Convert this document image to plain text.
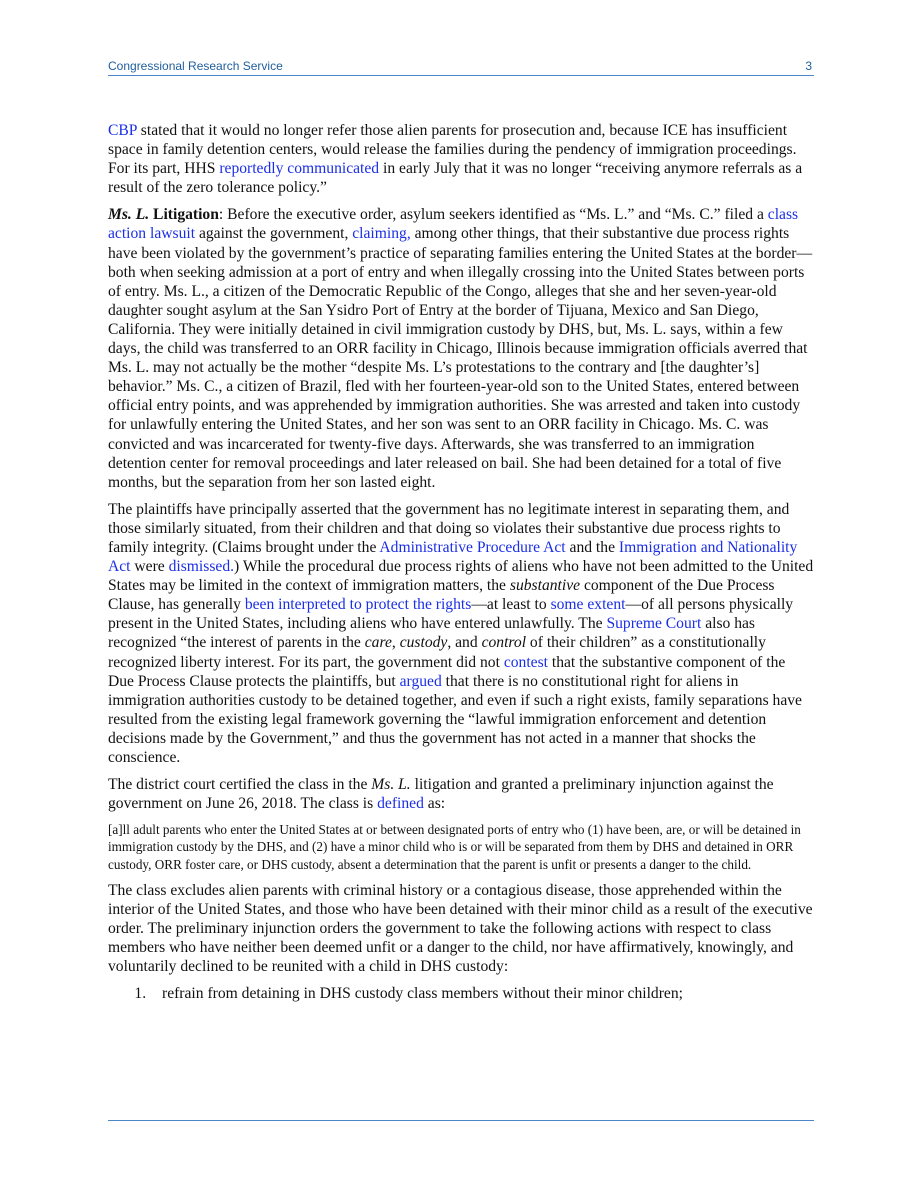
Congressional Research Service	3

CBP stated that it would no longer refer those alien parents for prosecution and, because ICE has insufficient space in family detention centers, would release the families during the pendency of immigration proceedings. For its part, HHS reportedly communicated in early July that it was no longer “receiving anymore referrals as a result of the zero tolerance policy.”

Ms. L. Litigation: Before the executive order, asylum seekers identified as “Ms. L.” and “Ms. C.” filed a class action lawsuit against the government, claiming, among other things, that their substantive due process rights have been violated by the government’s practice of separating families entering the United States at the border—both when seeking admission at a port of entry and when illegally crossing into the United States between ports of entry. Ms. L., a citizen of the Democratic Republic of the Congo, alleges that she and her seven-year-old daughter sought asylum at the San Ysidro Port of Entry at the border of Tijuana, Mexico and San Diego, California. They were initially detained in civil immigration custody by DHS, but, Ms. L. says, within a few days, the child was transferred to an ORR facility in Chicago, Illinois because immigration officials averred that Ms. L. may not actually be the mother “despite Ms. L’s protestations to the contrary and [the daughter’s] behavior.” Ms. C., a citizen of Brazil, fled with her fourteen-year-old son to the United States, entered between official entry points, and was apprehended by immigration authorities. She was arrested and taken into custody for unlawfully entering the United States, and her son was sent to an ORR facility in Chicago. Ms. C. was convicted and was incarcerated for twenty-five days. Afterwards, she was transferred to an immigration detention center for removal proceedings and later released on bail. She had been detained for a total of five months, but the separation from her son lasted eight.

The plaintiffs have principally asserted that the government has no legitimate interest in separating them, and those similarly situated, from their children and that doing so violates their substantive due process rights to family integrity. (Claims brought under the Administrative Procedure Act and the Immigration and Nationality Act were dismissed.) While the procedural due process rights of aliens who have not been admitted to the United States may be limited in the context of immigration matters, the substantive component of the Due Process Clause, has generally been interpreted to protect the rights—at least to some extent—of all persons physically present in the United States, including aliens who have entered unlawfully. The Supreme Court also has recognized “the interest of parents in the care, custody, and control of their children” as a constitutionally recognized liberty interest. For its part, the government did not contest that the substantive component of the Due Process Clause protects the plaintiffs, but argued that there is no constitutional right for aliens in immigration authorities custody to be detained together, and even if such a right exists, family separations have resulted from the existing legal framework governing the “lawful immigration enforcement and detention decisions made by the Government,” and thus the government has not acted in a manner that shocks the conscience.

The district court certified the class in the Ms. L. litigation and granted a preliminary injunction against the government on June 26, 2018. The class is defined as:

[a]ll adult parents who enter the United States at or between designated ports of entry who (1) have been, are, or will be detained in immigration custody by the DHS, and (2) have a minor child who is or will be separated from them by DHS and detained in ORR custody, ORR foster care, or DHS custody, absent a determination that the parent is unfit or presents a danger to the child.

The class excludes alien parents with criminal history or a contagious disease, those apprehended within the interior of the United States, and those who have been detained with their minor child as a result of the executive order. The preliminary injunction orders the government to take the following actions with respect to class members who have neither been deemed unfit or a danger to the child, nor have affirmatively, knowingly, and voluntarily declined to be reunited with a child in DHS custody:

1. refrain from detaining in DHS custody class members without their minor children;
